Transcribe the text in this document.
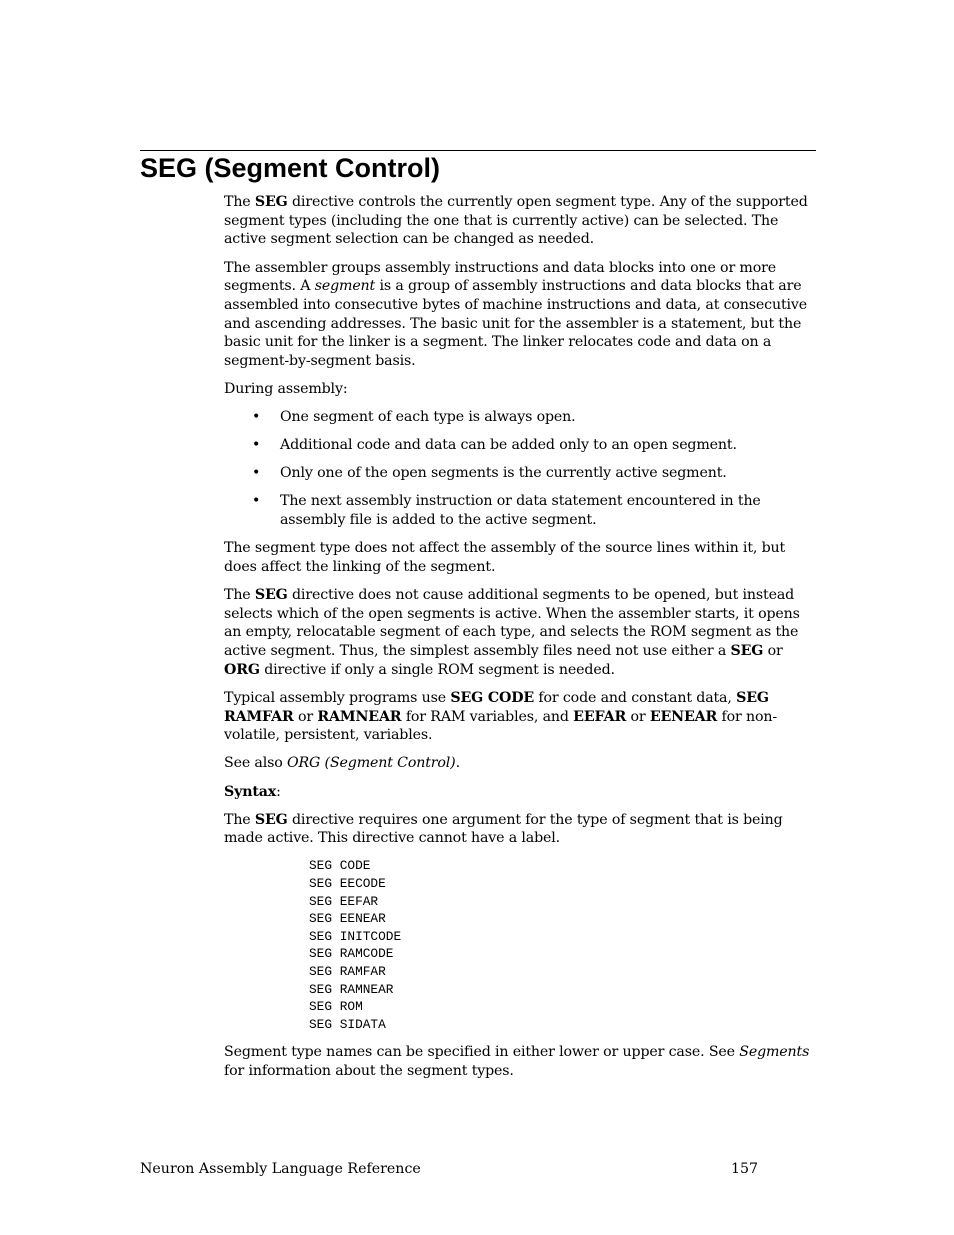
SEG (Segment Control)

The SEG directive controls the currently open segment type. Any of the supported segment types (including the one that is currently active) can be selected. The active segment selection can be changed as needed.

The assembler groups assembly instructions and data blocks into one or more segments. A segment is a group of assembly instructions and data blocks that are assembled into consecutive bytes of machine instructions and data, at consecutive and ascending addresses. The basic unit for the assembler is a statement, but the basic unit for the linker is a segment. The linker relocates code and data on a segment-by-segment basis.

During assembly:

• One segment of each type is always open.
• Additional code and data can be added only to an open segment.
• Only one of the open segments is the currently active segment.
• The next assembly instruction or data statement encountered in the assembly file is added to the active segment.

The segment type does not affect the assembly of the source lines within it, but does affect the linking of the segment.

The SEG directive does not cause additional segments to be opened, but instead selects which of the open segments is active. When the assembler starts, it opens an empty, relocatable segment of each type, and selects the ROM segment as the active segment. Thus, the simplest assembly files need not use either a SEG or ORG directive if only a single ROM segment is needed.

Typical assembly programs use SEG CODE for code and constant data, SEG RAMFAR or RAMNEAR for RAM variables, and EEFAR or EENEAR for non-volatile, persistent, variables.

See also ORG (Segment Control).

Syntax:

The SEG directive requires one argument for the type of segment that is being made active. This directive cannot have a label.

SEG CODE
SEG EECODE
SEG EEFAR
SEG EENEAR
SEG INITCODE
SEG RAMCODE
SEG RAMFAR
SEG RAMNEAR
SEG ROM
SEG SIDATA

Segment type names can be specified in either lower or upper case. See Segments for information about the segment types.

Neuron Assembly Language Reference	157
